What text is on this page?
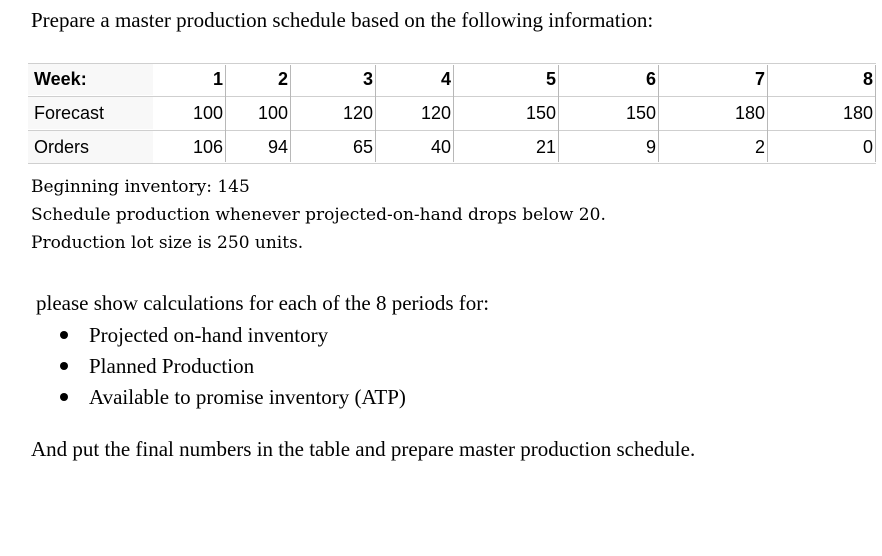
Prepare a master production schedule based on the following information:
Week:	1	2	3	4	5	6	7	8
Forecast	100	100	120	120	150	150	180	180
Orders	106	94	65	40	21	9	2	0
Beginning inventory: 145
Schedule production whenever projected-on-hand drops below 20.
Production lot size is 250 units.
please show calculations for each of the 8 periods for:
Projected on-hand inventory
Planned Production
Available to promise inventory (ATP)
And put the final numbers in the table and prepare master production schedule.
